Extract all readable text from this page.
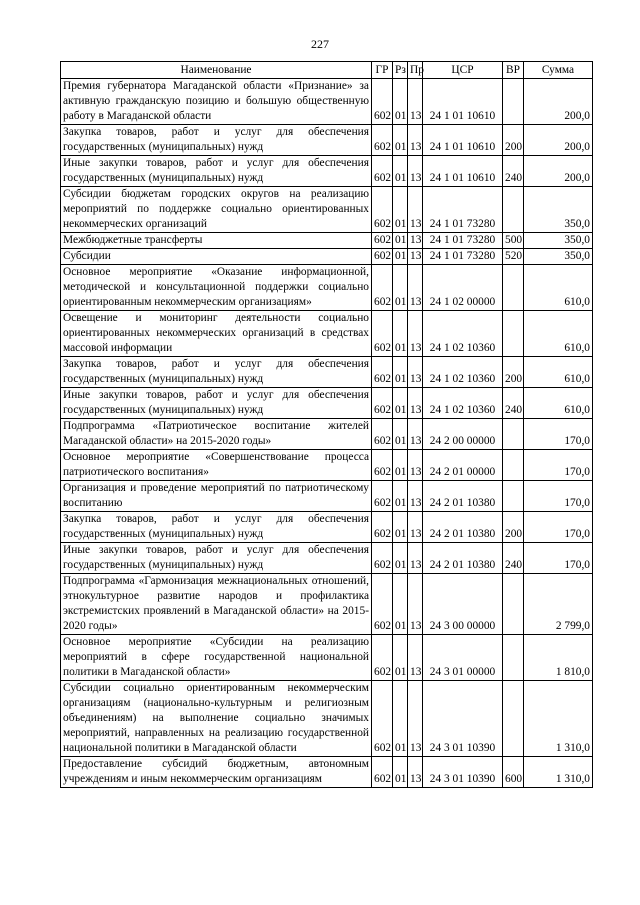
227
Наименование	ГР	Рз	Пр	ЦСР	ВР	Сумма
Премия губернатора Магаданской области «Признание» за активную гражданскую позицию и большую общественную работу в Магаданской области	602	01	13	24 1 01 10610		200,0
Закупка товаров, работ и услуг для обеспечения государственных (муниципальных) нужд	602	01	13	24 1 01 10610	200	200,0
Иные закупки товаров, работ и услуг для обеспечения государственных (муниципальных) нужд	602	01	13	24 1 01 10610	240	200,0
Субсидии бюджетам городских округов на реализацию мероприятий по поддержке социально ориентированных некоммерческих организаций	602	01	13	24 1 01 73280		350,0
Межбюджетные трансферты	602	01	13	24 1 01 73280	500	350,0
Субсидии	602	01	13	24 1 01 73280	520	350,0
Основное мероприятие «Оказание информационной, методической и консультационной поддержки социально ориентированным некоммерческим организациям»	602	01	13	24 1 02 00000		610,0
Освещение и мониторинг деятельности социально ориентированных некоммерческих организаций в средствах массовой информации	602	01	13	24 1 02 10360		610,0
Закупка товаров, работ и услуг для обеспечения государственных (муниципальных) нужд	602	01	13	24 1 02 10360	200	610,0
Иные закупки товаров, работ и услуг для обеспечения государственных (муниципальных) нужд	602	01	13	24 1 02 10360	240	610,0
Подпрограмма «Патриотическое воспитание жителей Магаданской области» на 2015-2020 годы»	602	01	13	24 2 00 00000		170,0
Основное мероприятие «Совершенствование процесса патриотического воспитания»	602	01	13	24 2 01 00000		170,0
Организация и проведение мероприятий по патриотическому воспитанию	602	01	13	24 2 01 10380		170,0
Закупка товаров, работ и услуг для обеспечения государственных (муниципальных) нужд	602	01	13	24 2 01 10380	200	170,0
Иные закупки товаров, работ и услуг для обеспечения государственных (муниципальных) нужд	602	01	13	24 2 01 10380	240	170,0
Подпрограмма «Гармонизация межнациональных отношений, этнокультурное развитие народов и профилактика экстремистских проявлений в Магаданской области» на 2015-2020 годы»	602	01	13	24 3 00 00000		2 799,0
Основное мероприятие «Субсидии на реализацию мероприятий в сфере государственной национальной политики в Магаданской области»	602	01	13	24 3 01 00000		1 810,0
Субсидии социально ориентированным некоммерческим организациям (национально-культурным и религиозным объединениям) на выполнение социально значимых мероприятий, направленных на реализацию государственной национальной политики в Магаданской области	602	01	13	24 3 01 10390		1 310,0
Предоставление субсидий бюджетным, автономным учреждениям и иным некоммерческим организациям	602	01	13	24 3 01 10390	600	1 310,0
